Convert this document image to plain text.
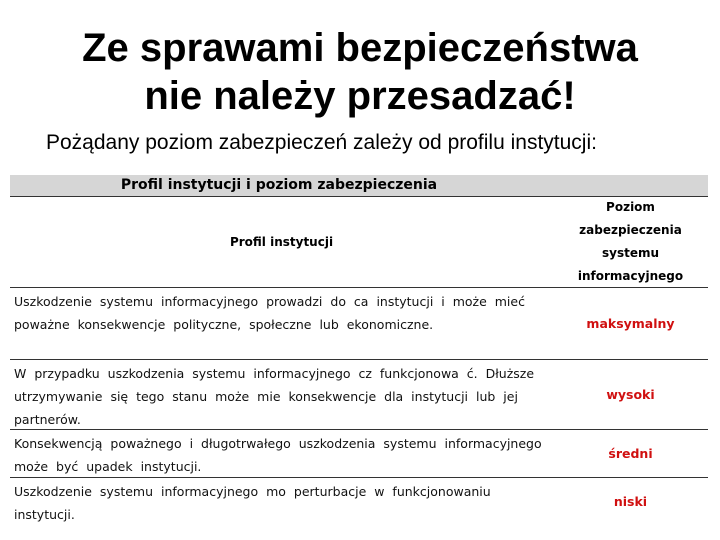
Ze sprawami bezpieczeństwa
nie należy przesadzać!
Pożądany poziom zabezpieczeń zależy od profilu instytucji:
Profil instytucji i poziom zabezpieczenia
Profil instytucji
Poziom
zabezpieczenia
systemu
informacyjnego
Uszkodzenie systemu informacyjnego prowadzi do ca instytucji i może mieć poważne konsekwencje polityczne, społeczne lub ekonomiczne.	maksymalny
W przypadku uszkodzenia systemu informacyjnego cz funkcjonowa ć. Dłuższe utrzymywanie się tego stanu może mie konsekwencje dla instytucji lub jej partnerów.
wysoki
Konsekwencją poważnego i długotrwałego uszkodzenia systemu informacyjnego może być upadek instytucji.
średni
Uszkodzenie systemu informacyjnego mo perturbacje w funkcjonowaniu instytucji.
niski
